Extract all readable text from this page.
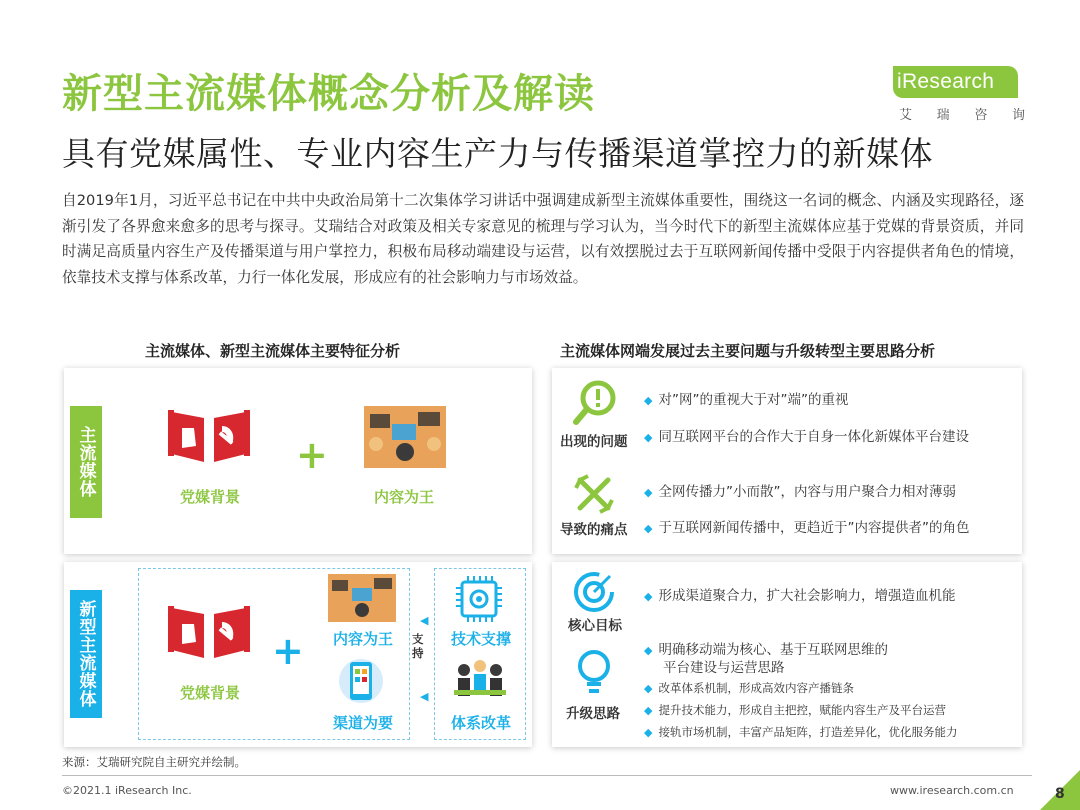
新型主流媒体概念分析及解读
具有党媒属性、专业内容生产力与传播渠道掌控力的新媒体
iResearch
艾 瑞 咨 询
自2019年1月，习近平总书记在中共中央政治局第十二次集体学习讲话中强调建成新型主流媒体重要性，围绕这一名词的概念、内涵及实现路径，逐渐引发了各界愈来愈多的思考与探寻。艾瑞结合对政策及相关专家意见的梳理与学习认为，当今时代下的新型主流媒体应基于党媒的背景资质，并同时满足高质量内容生产及传播渠道与用户掌控力，积极布局移动端建设与运营，以有效摆脱过去于互联网新闻传播中受限于内容提供者角色的情境，依靠技术支撑与体系改革，力行一体化发展，形成应有的社会影响力与市场效益。
主流媒体、新型主流媒体主要特征分析	主流媒体网端发展过去主要问题与升级转型主要思路分析
主流媒体	党媒背景
+
内容为王
新型主流媒体	党媒背景
+	内容为王
渠道为要
支持
◀
◀
技术支撑
体系改革
出现的问题
◆ 对”网”的重视大于对”端”的重视
◆ 同互联网平台的合作大于自身一体化新媒体平台建设
导致的痛点
◆ 全网传播力”小而散”，内容与用户聚合力相对薄弱
◆ 于互联网新闻传播中，更趋近于”内容提供者”的角色
核心目标
◆ 形成渠道聚合力，扩大社会影响力，增强造血机能
升级思路
◆ 明确移动端为核心、基于互联网思维的
平台建设与运营思路
◆ 改革体系机制，形成高效内容产播链条
◆ 提升技术能力，形成自主把控，赋能内容生产及平台运营
◆ 接轨市场机制，丰富产品矩阵，打造差异化，优化服务能力
来源：艾瑞研究院自主研究并绘制。
©2021.1 iResearch Inc.	www.iresearch.com.cn	8
